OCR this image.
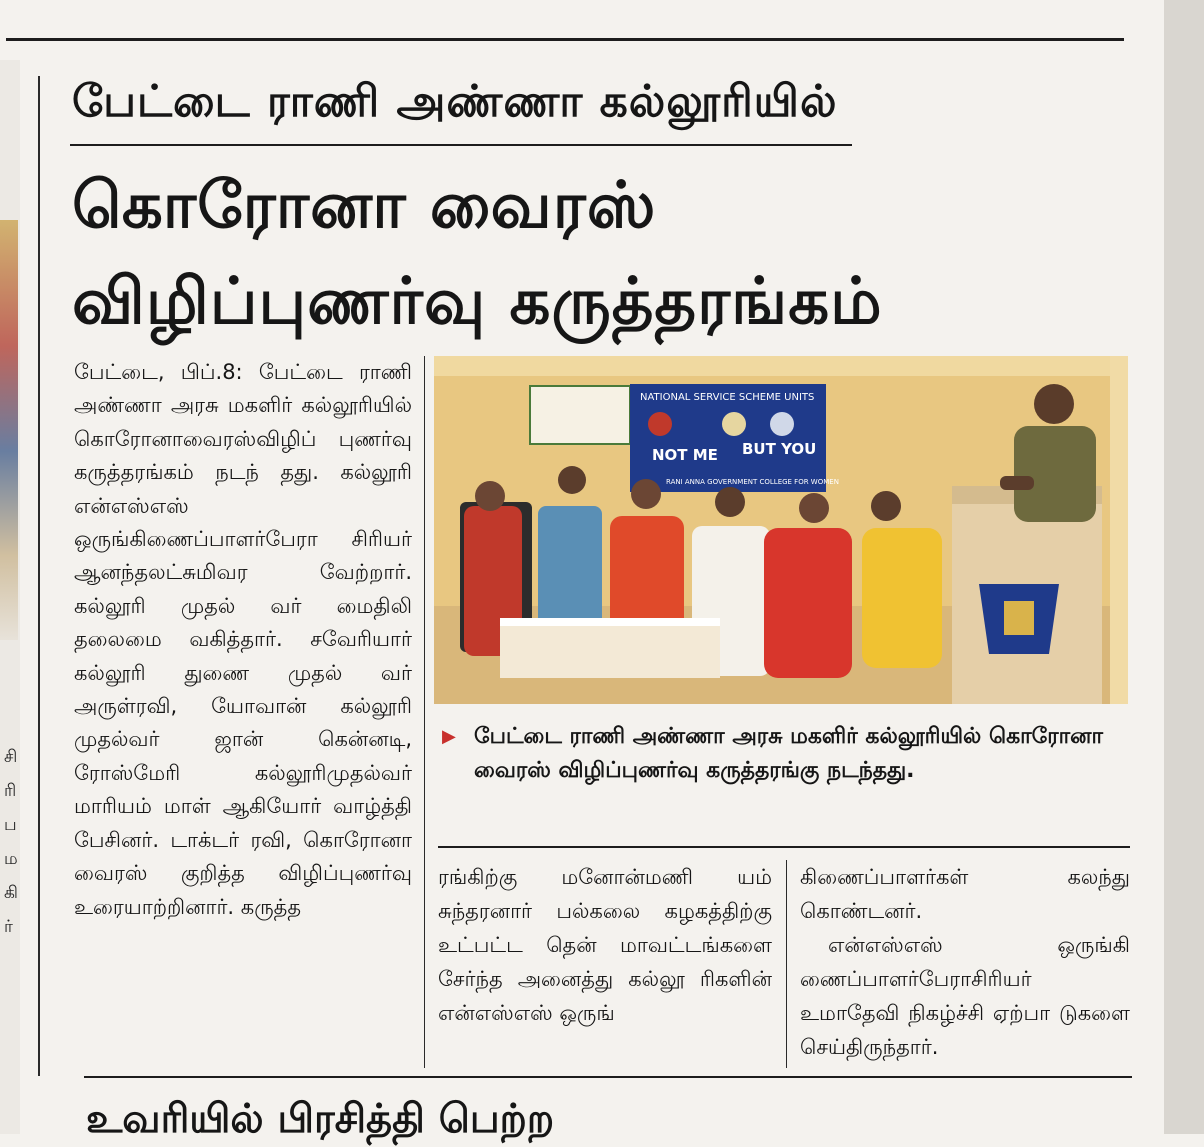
சி
ரி
ப
ம
கி
ர்
பேட்டை ராணி அண்ணா கல்லூரியில்
கொரோனா வைரஸ்
விழிப்புணர்வு கருத்தரங்கம்
பேட்டை, பிப்.8: பேட்டை ராணி அண்ணா அரசு மகளிர் கல்லூரியில் கொரோனாவைரஸ்விழிப் புணர்வு கருத்தரங்கம் நடந் தது. கல்லூரி என்எஸ்எஸ் ஒருங்கிணைப்பாளர்பேரா சிரியர் ஆனந்தலட்சுமிவர வேற்றார். கல்லூரி முதல் வர் மைதிலி தலைமை வகித்தார். சவேரியார் கல்லூரி துணை முதல் வர் அருள்ரவி, யோவான் கல்லூரி முதல்வர் ஜான் கென்னடி, ரோஸ்மேரி கல்லூரிமுதல்வர் மாரியம் மாள் ஆகியோர் வாழ்த்தி பேசினர். டாக்டர் ரவி, கொரோனா வைரஸ் குறித்த விழிப்புணர்வு உரையாற்றினார். கருத்த
NATIONAL SERVICE SCHEME UNITS
NOT ME BUT YOU
RANI ANNA GOVERNMENT COLLEGE FOR WOMEN
▶ பேட்டை ராணி அண்ணா அரசு மகளிர் கல்லூரியில் கொரோனா வைரஸ் விழிப்புணர்வு கருத்தரங்கு நடந்தது.
ரங்கிற்கு மனோன்மணி யம் சுந்தரனார் பல்கலை கழகத்திற்கு உட்பட்ட தென் மாவட்டங்களை சேர்ந்த அனைத்து கல்லூ ரிகளின் என்எஸ்எஸ் ஒருங்
கிணைப்பாளர்கள் கலந்து கொண்டனர்.
என்எஸ்எஸ் ஒருங்கி ணைப்பாளர்பேராசிரியர் உமாதேவி நிகழ்ச்சி ஏற்பா டுகளை செய்திருந்தார்.
உவரியில் பிரசித்தி பெற்ற
